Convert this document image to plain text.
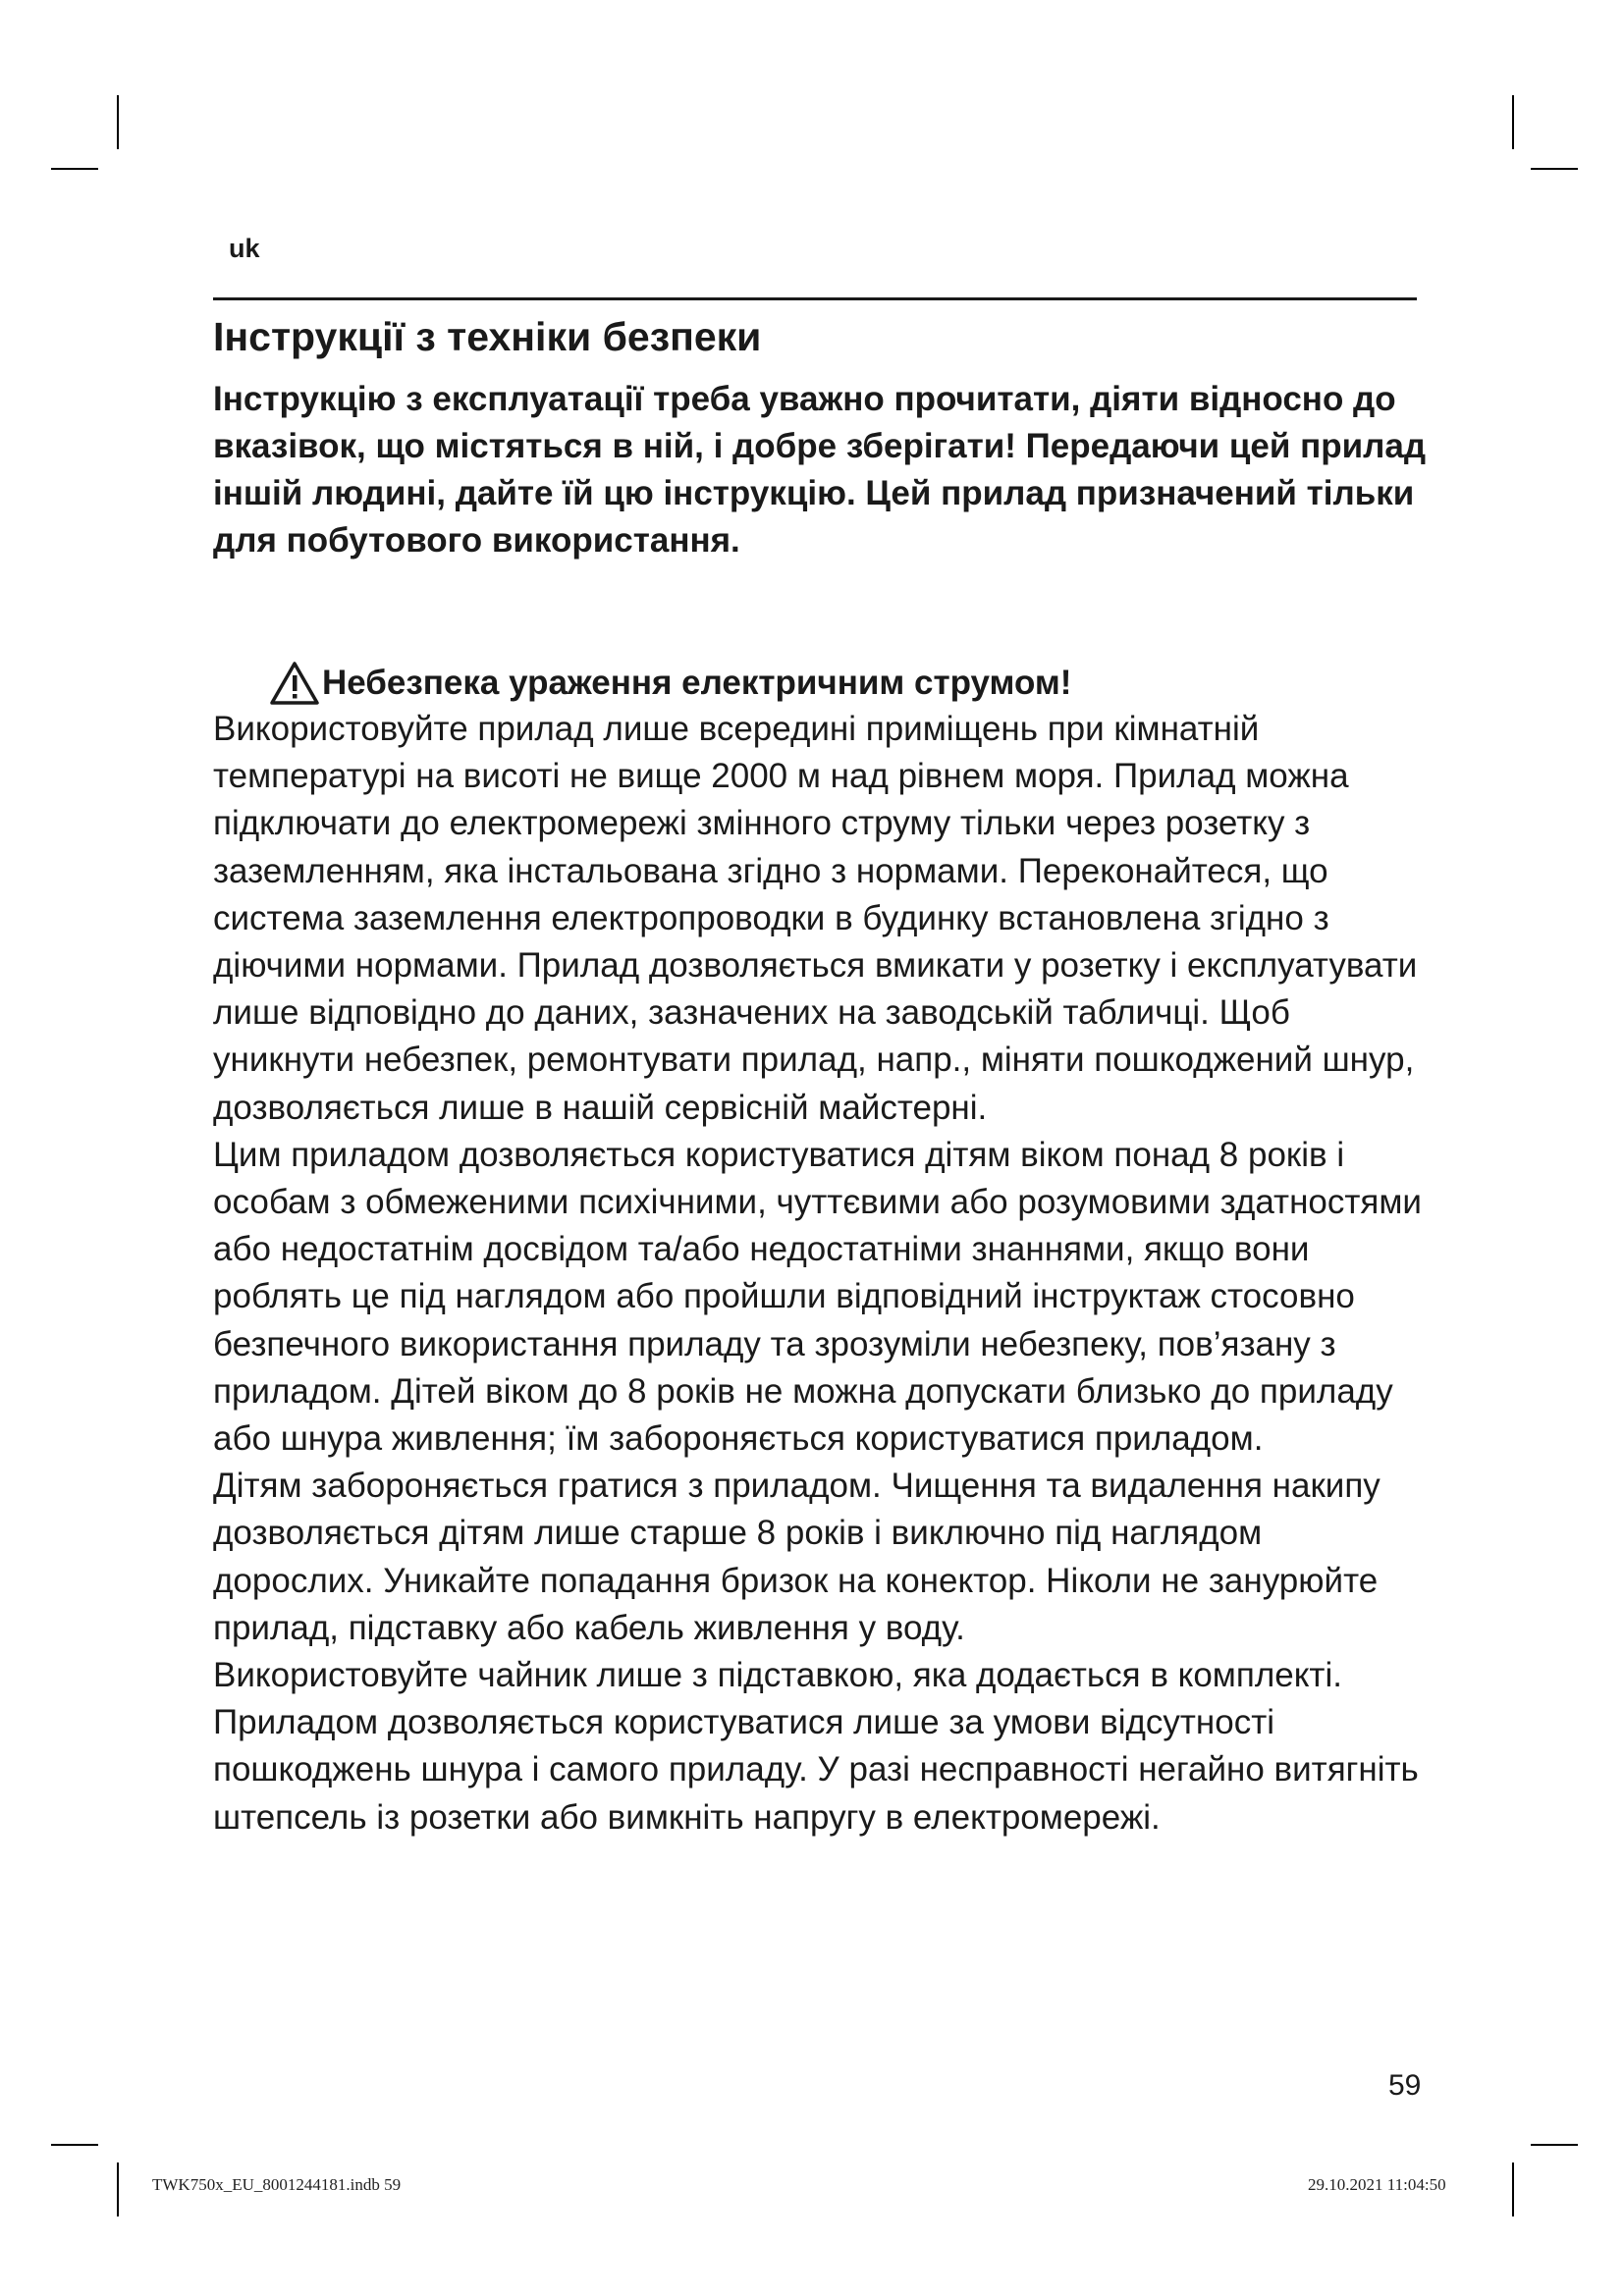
uk
Інструкції з техніки безпеки

Інструкцію з експлуатації треба уважно прочитати, діяти відносно до вказівок, що містяться в ній, і добре зберігати! Передаючи цей прилад іншій людині, дайте їй цю інструкцію. Цей прилад призначений тільки для побутового використання.

Небезпека ураження електричним струмом!

Використовуйте прилад лише всередині приміщень при кімнатній температурі на висоті не вище 2000 м над рівнем моря. Прилад можна підключати до електромережі змінного струму тільки через розетку з заземленням, яка інстальована згідно з нормами. Переконайтеся, що система заземлення електропроводки в будинку встановлена згідно з діючими нормами. Прилад дозволяється вмикати у розетку і експлуатувати лише відповідно до даних, зазначених на заводській табличці. Щоб уникнути небезпек, ремонтувати прилад, напр., міняти пошкоджений шнур, дозволяється лише в нашій сервісній майстерні.

Цим приладом дозволяється користуватися дітям віком понад 8 років і особам з обмеженими психічними, чуттєвими або розумовими здатностями або недостатнім досвідом та/або недостатніми знаннями, якщо вони роблять це під наглядом або пройшли відповідний інструктаж стосовно безпечного використання приладу та зрозуміли небезпеку, пов’язану з приладом. Дітей віком до 8 років не можна допускати близько до приладу або шнура живлення; їм забороняється користуватися приладом.

Дітям забороняється гратися з приладом. Чищення та видалення накипу дозволяється дітям лише старше 8 років і виключно під наглядом дорослих. Уникайте попадання бризок на конектор. Ніколи не занурюйте прилад, підставку або кабель живлення у воду.

Використовуйте чайник лише з підставкою, яка додається в комплекті. Приладом дозволяється користуватися лише за умови відсутності пошкоджень шнура і самого приладу. У разі несправності негайно витягніть штепсель із розетки або вимкніть напругу в електромережі.

59
TWK750x_EU_8001244181.indb 59	29.10.2021 11:04:50
